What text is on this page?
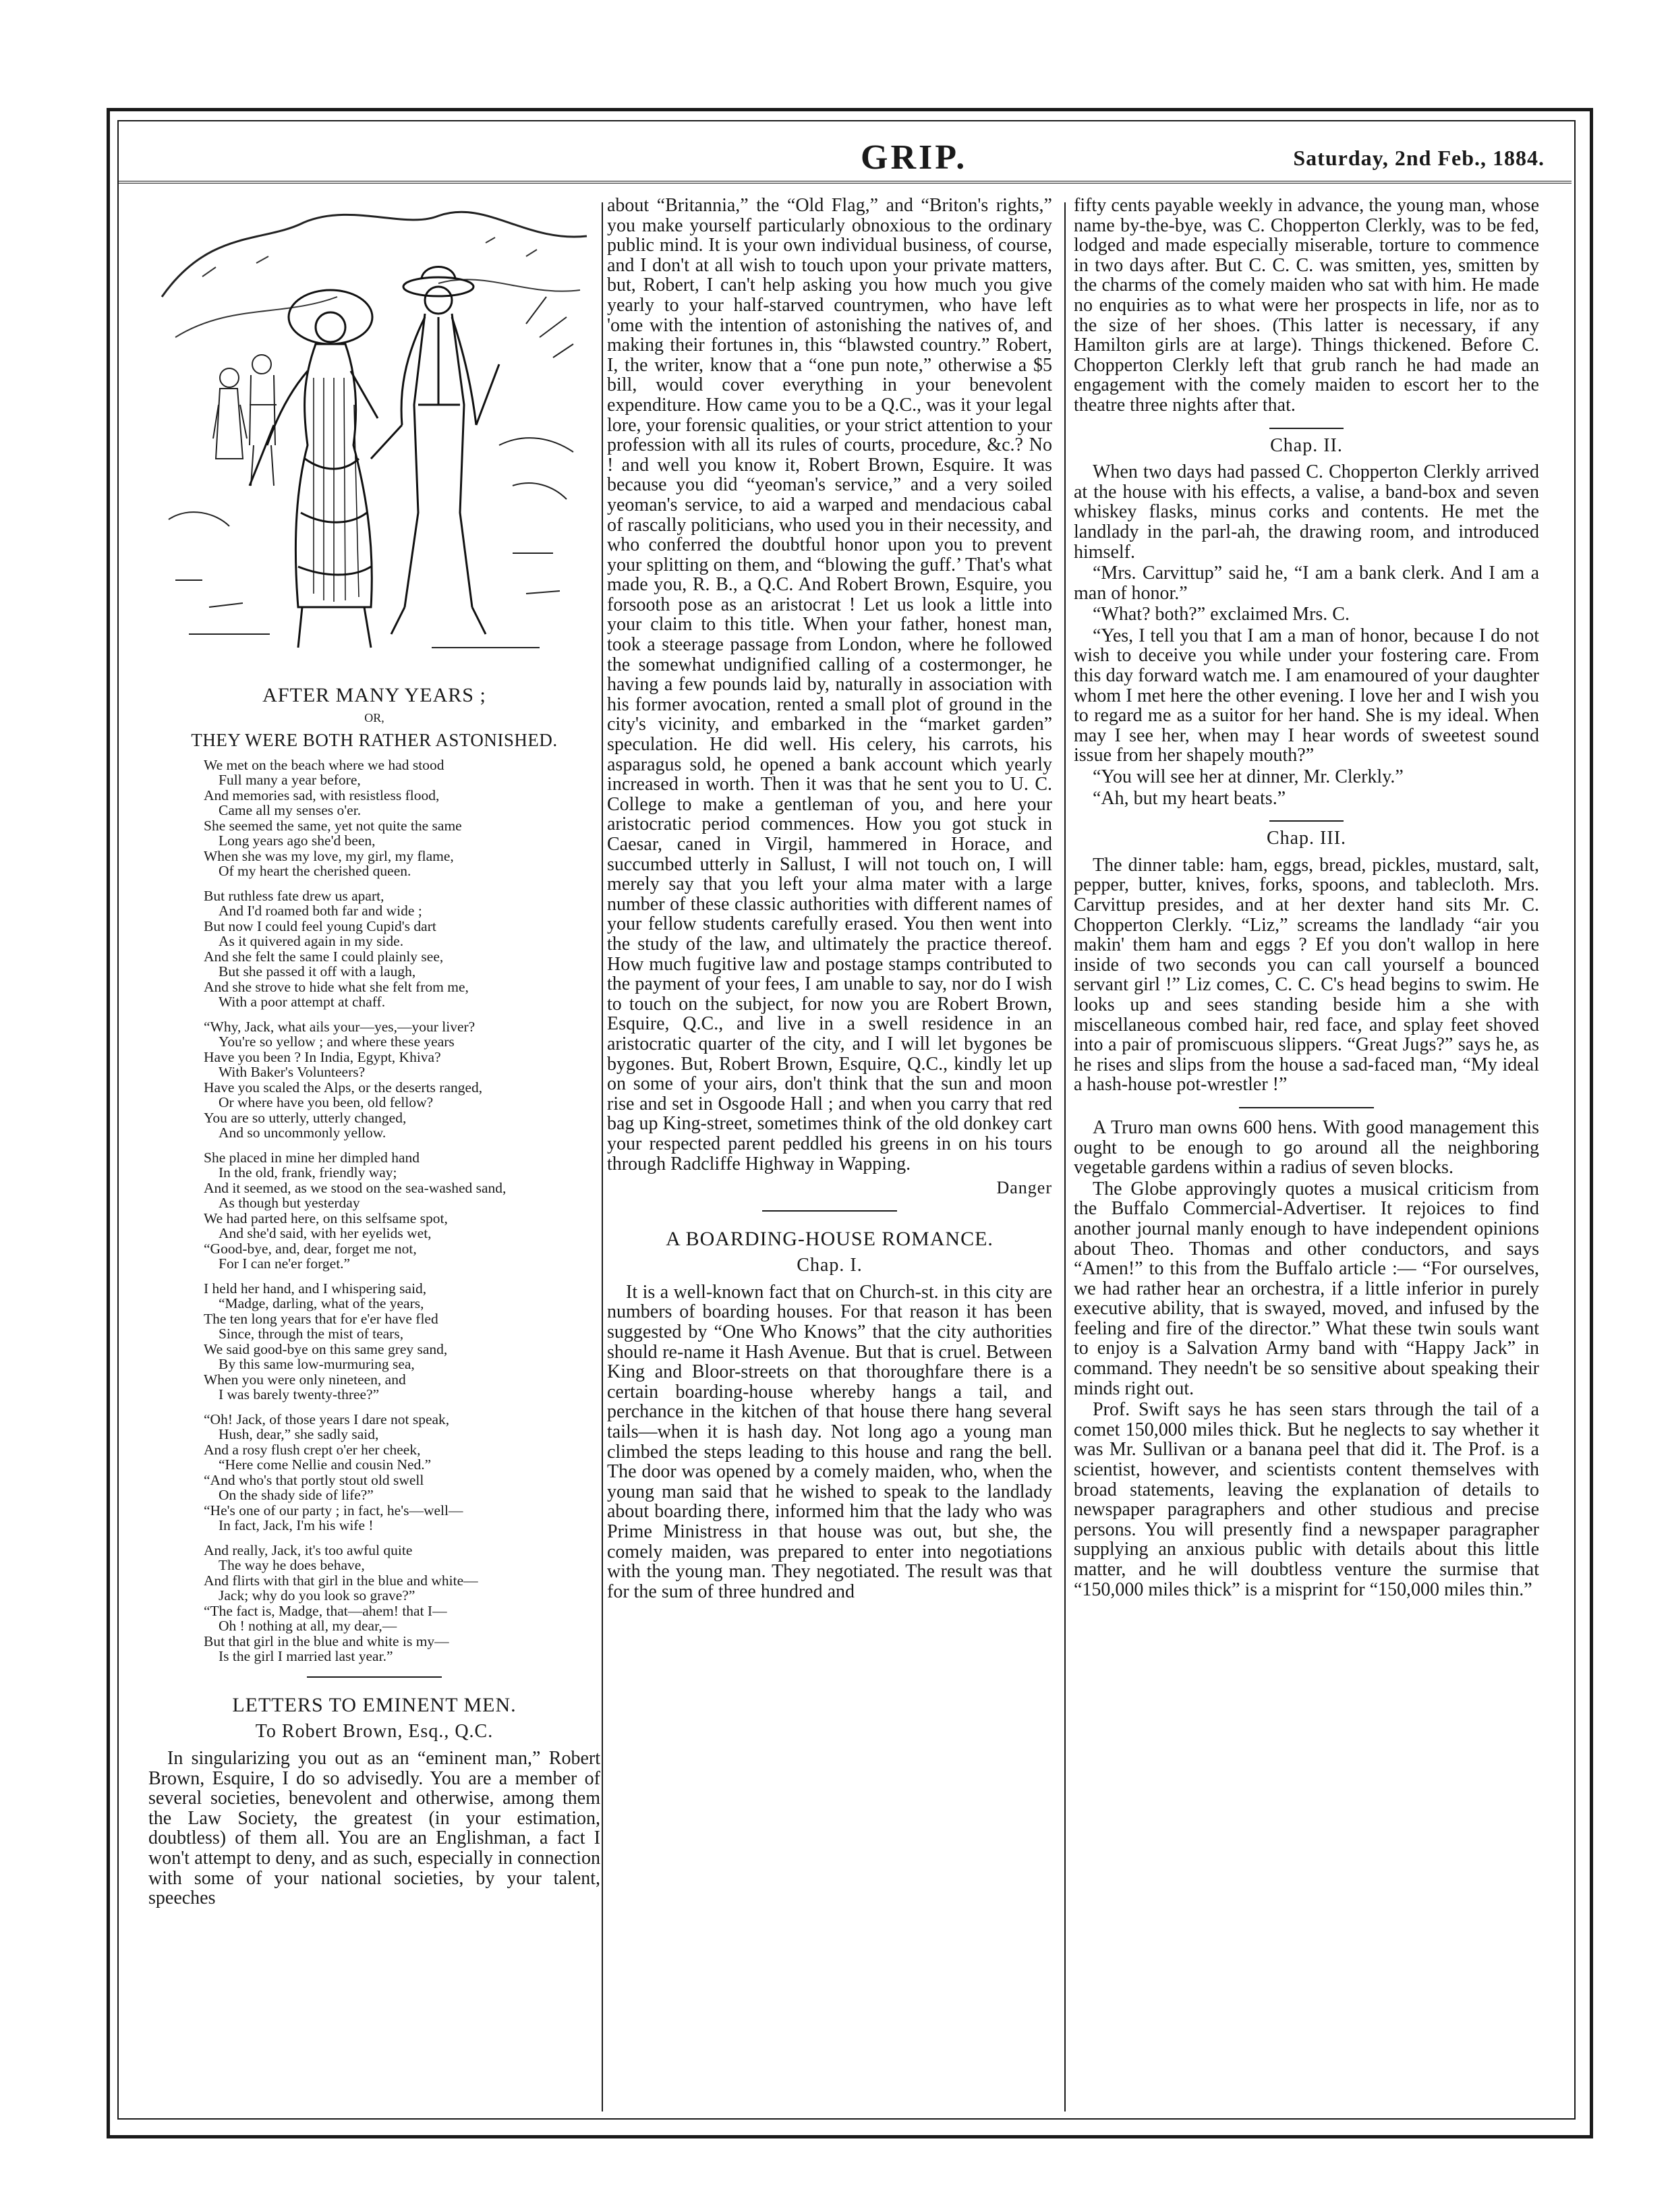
GRIP.	Saturday, 2nd Feb., 1884.

AFTER MANY YEARS ;

OR,

THEY WERE BOTH RATHER ASTONISHED.

We met on the beach where we had stood
Full many a year before,
And memories sad, with resistless flood,
Came all my senses o'er.
She seemed the same, yet not quite the same
Long years ago she'd been,
When she was my love, my girl, my flame,
Of my heart the cherished queen.
But ruthless fate drew us apart,
And I'd roamed both far and wide ;
But now I could feel young Cupid's dart
As it quivered again in my side.
And she felt the same I could plainly see,
But she passed it off with a laugh,
And she strove to hide what she felt from me,
With a poor attempt at chaff.
“Why, Jack, what ails your—yes,—your liver?
You're so yellow ; and where these years
Have you been ? In India, Egypt, Khiva?
With Baker's Volunteers?
Have you scaled the Alps, or the deserts ranged,
Or where have you been, old fellow?
You are so utterly, utterly changed,
And so uncommonly yellow.
She placed in mine her dimpled hand
In the old, frank, friendly way;
And it seemed, as we stood on the sea-washed sand,
As though but yesterday
We had parted here, on this selfsame spot,
And she'd said, with her eyelids wet,
“Good-bye, and, dear, forget me not,
For I can ne'er forget.”
I held her hand, and I whispering said,
“Madge, darling, what of the years,
The ten long years that for e'er have fled
Since, through the mist of tears,
We said good-bye on this same grey sand,
By this same low-murmuring sea,
When you were only nineteen, and
I was barely twenty-three?”
“Oh! Jack, of those years I dare not speak,
Hush, dear,” she sadly said,
And a rosy flush crept o'er her cheek,
“Here come Nellie and cousin Ned.”
“And who's that portly stout old swell
On the shady side of life?”
“He's one of our party ; in fact, he's—well—
In fact, Jack, I'm his wife !
And really, Jack, it's too awful quite
The way he does behave,
And flirts with that girl in the blue and white—
Jack; why do you look so grave?”
“The fact is, Madge, that—ahem! that I—
Oh ! nothing at all, my dear,—
But that girl in the blue and white is my—
Is the girl I married last year.”

LETTERS TO EMINENT MEN.

To Robert Brown, Esq., Q.C.

In singularizing you out as an “eminent man,” Robert Brown, Esquire, I do so advisedly. You are a member of several societies, benevolent and otherwise, among them the Law Society, the greatest (in your estimation, doubtless) of them all. You are an Englishman, a fact I won't attempt to deny, and as such, especially in connection with some of your national societies, by your talent, speeches

about “Britannia,” the “Old Flag,” and “Briton's rights,” you make yourself particularly obnoxious to the ordinary public mind. It is your own individual business, of course, and I don't at all wish to touch upon your private matters, but, Robert, I can't help asking you how much you give yearly to your half-starved countrymen, who have left 'ome with the intention of astonishing the natives of, and making their fortunes in, this “blawsted country.” Robert, I, the writer, know that a “one pun note,” otherwise a $5 bill, would cover everything in your benevolent expenditure. How came you to be a Q.C., was it your legal lore, your forensic qualities, or your strict attention to your profession with all its rules of courts, procedure, &c.? No ! and well you know it, Robert Brown, Esquire. It was because you did “yeoman's service,” and a very soiled yeoman's service, to aid a warped and mendacious cabal of rascally politicians, who used you in their necessity, and who conferred the doubtful honor upon you to prevent your splitting on them, and “blowing the guff.’ That's what made you, R. B., a Q.C. And Robert Brown, Esquire, you forsooth pose as an aristocrat ! Let us look a little into your claim to this title. When your father, honest man, took a steerage passage from London, where he followed the somewhat undignified calling of a costermonger, he having a few pounds laid by, naturally in association with his former avocation, rented a small plot of ground in the city's vicinity, and embarked in the “market garden” speculation. He did well. His celery, his carrots, his asparagus sold, he opened a bank account which yearly increased in worth. Then it was that he sent you to U. C. College to make a gentleman of you, and here your aristocratic period commences. How you got stuck in Caesar, caned in Virgil, hammered in Horace, and succumbed utterly in Sallust, I will not touch on, I will merely say that you left your alma mater with a large number of these classic authorities with different names of your fellow students carefully erased. You then went into the study of the law, and ultimately the practice thereof. How much fugitive law and postage stamps contributed to the payment of your fees, I am unable to say, nor do I wish to touch on the subject, for now you are Robert Brown, Esquire, Q.C., and live in a swell residence in an aristocratic quarter of the city, and I will let bygones be bygones. But, Robert Brown, Esquire, Q.C., kindly let up on some of your airs, don't think that the sun and moon rise and set in Osgoode Hall ; and when you carry that red bag up King-street, sometimes think of the old donkey cart your respected parent peddled his greens in on his tours through Radcliffe Highway in Wapping.

Danger

A BOARDING-HOUSE ROMANCE.

Chap. I.

It is a well-known fact that on Church-st. in this city are numbers of boarding houses. For that reason it has been suggested by “One Who Knows” that the city authorities should re-name it Hash Avenue. But that is cruel. Between King and Bloor-streets on that thoroughfare there is a certain boarding-house whereby hangs a tail, and perchance in the kitchen of that house there hang several tails—when it is hash day. Not long ago a young man climbed the steps leading to this house and rang the bell. The door was opened by a comely maiden, who, when the young man said that he wished to speak to the landlady about boarding there, informed him that the lady who was Prime Ministress in that house was out, but she, the comely maiden, was prepared to enter into negotiations with the young man. They negotiated. The result was that for the sum of three hundred and

fifty cents payable weekly in advance, the young man, whose name by-the-bye, was C. Chopperton Clerkly, was to be fed, lodged and made especially miserable, torture to commence in two days after. But C. C. C. was smitten, yes, smitten by the charms of the comely maiden who sat with him. He made no enquiries as to what were her prospects in life, nor as to the size of her shoes. (This latter is necessary, if any Hamilton girls are at large). Things thickened. Before C. Chopperton Clerkly left that grub ranch he had made an engagement with the comely maiden to escort her to the theatre three nights after that.

Chap. II.

When two days had passed C. Chopperton Clerkly arrived at the house with his effects, a valise, a band-box and seven whiskey flasks, minus corks and contents. He met the landlady in the parl-ah, the drawing room, and introduced himself.

“Mrs. Carvittup” said he, “I am a bank clerk. And I am a man of honor.”

“What? both?” exclaimed Mrs. C.

“Yes, I tell you that I am a man of honor, because I do not wish to deceive you while under your fostering care. From this day forward watch me. I am enamoured of your daughter whom I met here the other evening. I love her and I wish you to regard me as a suitor for her hand. She is my ideal. When may I see her, when may I hear words of sweetest sound issue from her shapely mouth?”

“You will see her at dinner, Mr. Clerkly.”

“Ah, but my heart beats.”

Chap. III.

The dinner table: ham, eggs, bread, pickles, mustard, salt, pepper, butter, knives, forks, spoons, and tablecloth. Mrs. Carvittup presides, and at her dexter hand sits Mr. C. Chopperton Clerkly. “Liz,” screams the landlady “air you makin' them ham and eggs ? Ef you don't wallop in here inside of two seconds you can call yourself a bounced servant girl !” Liz comes, C. C. C's head begins to swim. He looks up and sees standing beside him a she with miscellaneous combed hair, red face, and splay feet shoved into a pair of promiscuous slippers. “Great Jugs?” says he, as he rises and slips from the house a sad-faced man, “My ideal a hash-house pot-wrestler !”

A Truro man owns 600 hens. With good management this ought to be enough to go around all the neighboring vegetable gardens within a radius of seven blocks.

The Globe approvingly quotes a musical criticism from the Buffalo Commercial-Advertiser. It rejoices to find another journal manly enough to have independent opinions about Theo. Thomas and other conductors, and says “Amen!” to this from the Buffalo article :— “For ourselves, we had rather hear an orchestra, if a little inferior in purely executive ability, that is swayed, moved, and infused by the feeling and fire of the director.” What these twin souls want to enjoy is a Salvation Army band with “Happy Jack” in command. They needn't be so sensitive about speaking their minds right out.

Prof. Swift says he has seen stars through the tail of a comet 150,000 miles thick. But he neglects to say whether it was Mr. Sullivan or a banana peel that did it. The Prof. is a scientist, however, and scientists content themselves with broad statements, leaving the explanation of details to newspaper paragraphers and other studious and precise persons. You will presently find a newspaper paragrapher supplying an anxious public with details about this little matter, and he will doubtless venture the surmise that “150,000 miles thick” is a misprint for “150,000 miles thin.”
